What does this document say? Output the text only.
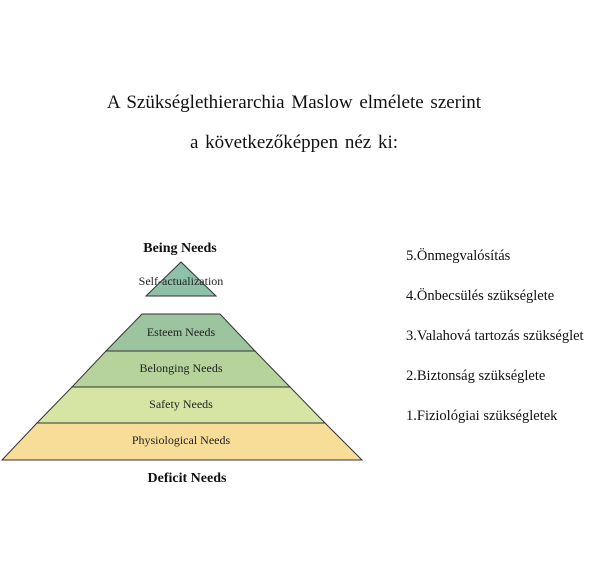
A Szükséglethierarchia Maslow elmélete szerint
a következőképpen néz ki:
Being Needs
Self-actualization
Esteem Needs
Belonging Needs
Safety Needs
Physiological Needs
Deficit Needs
5.Önmegvalósítás
4.Önbecsülés szükséglete
3.Valahová tartozás szükséglet
2.Biztonság szükséglete
1.Fiziológiai szükségletek
